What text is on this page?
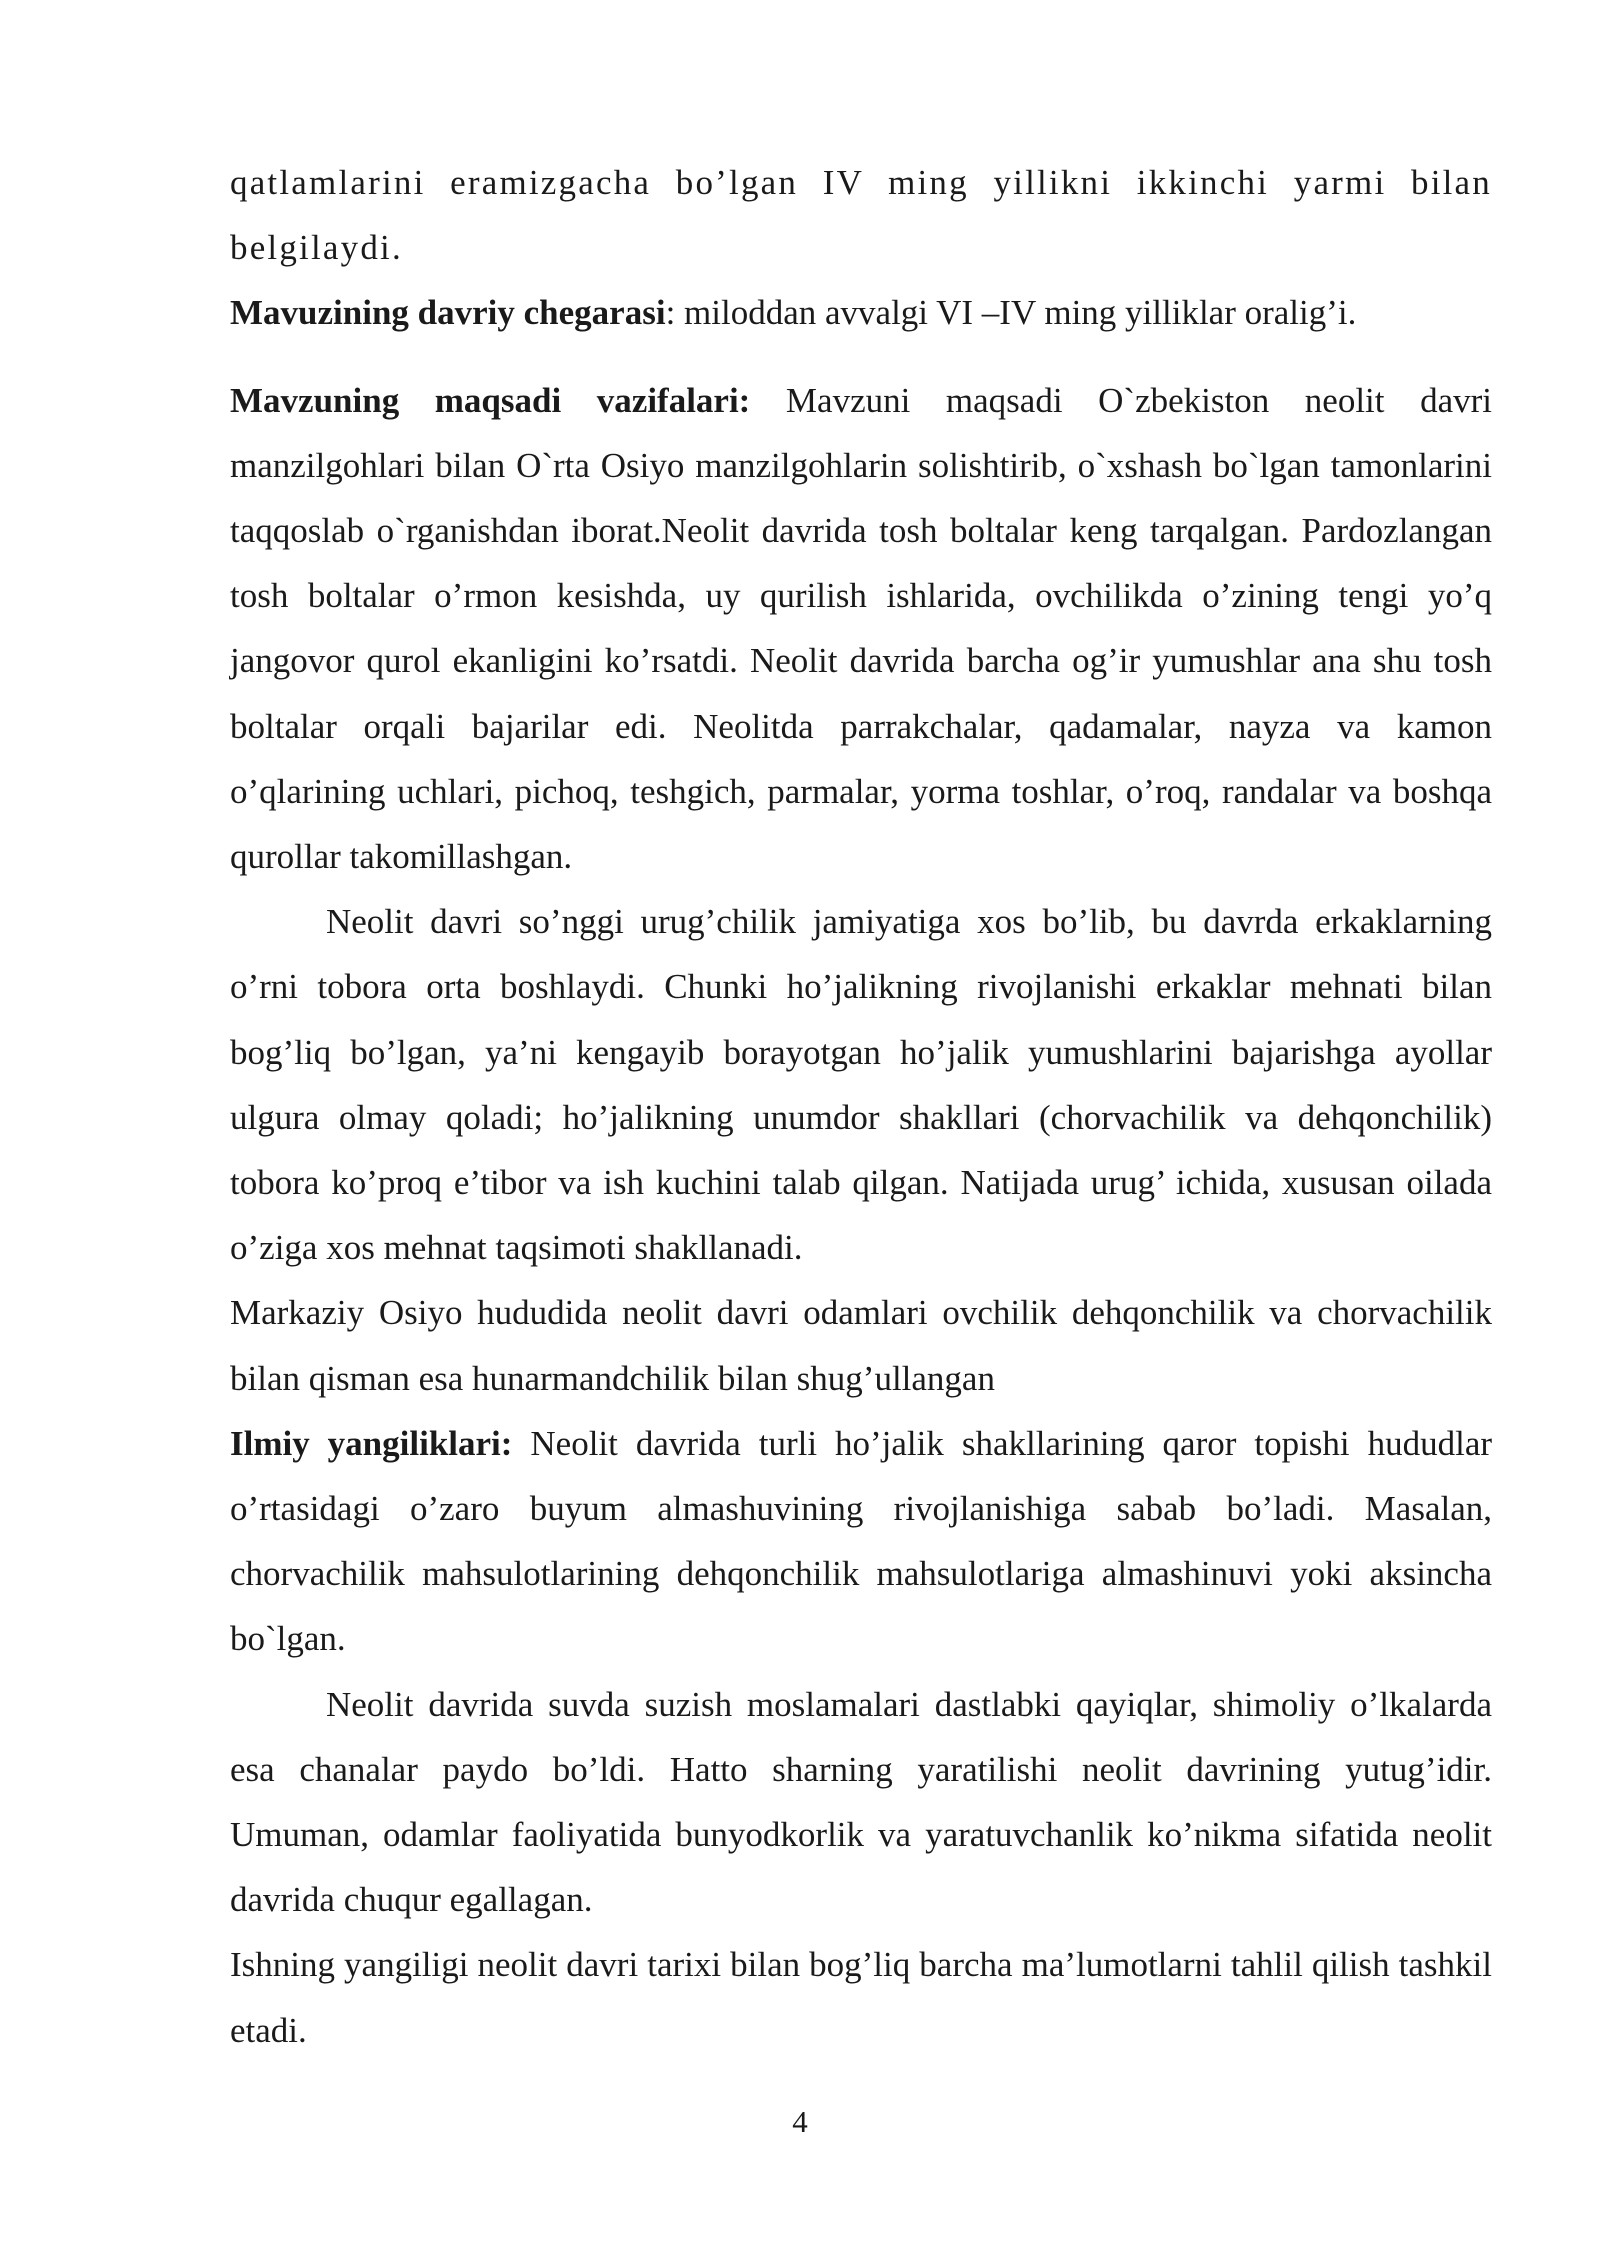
qatlamlarini eramizgacha bo’lgan IV ming yillikni ikkinchi yarmi bilan belgilaydi.

Mavuzining davriy chegarasi: miloddan avvalgi VI –IV ming yilliklar oralig’i.

Mavzuning maqsadi vazifalari: Mavzuni maqsadi O`zbekiston neolit davri manzilgohlari bilan O`rta Osiyo manzilgohlarin solishtirib, o`xshash bo`lgan tamonlarini taqqoslab o`rganishdan iborat.Neolit davrida tosh boltalar keng tarqalgan. Pardozlangan tosh boltalar o’rmon kesishda, uy qurilish ishlarida, ovchilikda o’zining tengi yo’q jangovor qurol ekanligini ko’rsatdi. Neolit davrida barcha og’ir yumushlar ana shu tosh boltalar orqali bajarilar edi. Neolitda parrakchalar, qadamalar, nayza va kamon o’qlarining uchlari, pichoq, teshgich, parmalar, yorma toshlar, o’roq, randalar va boshqa qurollar takomillashgan.

Neolit davri so’nggi urug’chilik jamiyatiga xos bo’lib, bu davrda erkaklarning o’rni tobora orta boshlaydi. Chunki ho’jalikning rivojlanishi erkaklar mehnati bilan bog’liq bo’lgan, ya’ni kengayib borayotgan ho’jalik yumushlarini bajarishga ayollar ulgura olmay qoladi; ho’jalikning unumdor shakllari (chorvachilik va dehqonchilik) tobora ko’proq e’tibor va ish kuchini talab qilgan. Natijada urug’ ichida, xususan oilada o’ziga xos mehnat taqsimoti shakllanadi.

Markaziy Osiyo hududida neolit davri odamlari ovchilik dehqonchilik va chorvachilik bilan qisman esa hunarmandchilik bilan shug’ullangan

Ilmiy yangiliklari: Neolit davrida turli ho’jalik shakllarining qaror topishi hududlar o’rtasidagi o’zaro buyum almashuvining rivojlanishiga sabab bo’ladi. Masalan, chorvachilik mahsulotlarining dehqonchilik mahsulotlariga almashinuvi yoki aksincha bo`lgan.

Neolit davrida suvda suzish moslamalari dastlabki qayiqlar, shimoliy o’lkalarda esa chanalar paydo bo’ldi. Hatto sharning yaratilishi neolit davrining yutug’idir. Umuman, odamlar faoliyatida bunyodkorlik va yaratuvchanlik ko’nikma sifatida neolit davrida chuqur egallagan.

Ishning yangiligi neolit davri tarixi bilan bog’liq barcha ma’lumotlarni tahlil qilish tashkil etadi.

4
